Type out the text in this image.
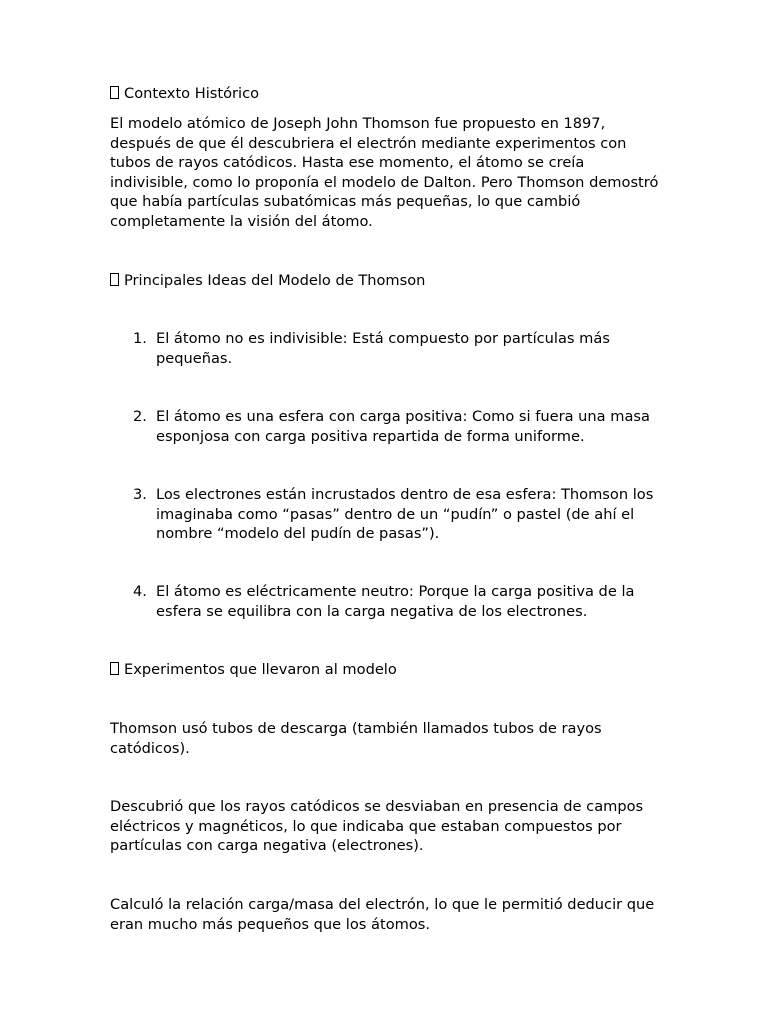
Contexto Histórico

El modelo atómico de Joseph John Thomson fue propuesto en 1897, después de que él descubriera el electrón mediante experimentos con tubos de rayos catódicos. Hasta ese momento, el átomo se creía indivisible, como lo proponía el modelo de Dalton. Pero Thomson demostró que había partículas subatómicas más pequeñas, lo que cambió completamente la visión del átomo.

Principales Ideas del Modelo de Thomson
1. El átomo no es indivisible: Está compuesto por partículas más pequeñas.
2. El átomo es una esfera con carga positiva: Como si fuera una masa esponjosa con carga positiva repartida de forma uniforme.
3. Los electrones están incrustados dentro de esa esfera: Thomson los imaginaba como “pasas” dentro de un “pudín” o pastel (de ahí el nombre “modelo del pudín de pasas”).
4. El átomo es eléctricamente neutro: Porque la carga positiva de la esfera se equilibra con la carga negativa de los electrones.
Experimentos que llevaron al modelo

Thomson usó tubos de descarga (también llamados tubos de rayos catódicos).

Descubrió que los rayos catódicos se desviaban en presencia de campos eléctricos y magnéticos, lo que indicaba que estaban compuestos por partículas con carga negativa (electrones).

Calculó la relación carga/masa del electrón, lo que le permitió deducir que eran mucho más pequeños que los átomos.
